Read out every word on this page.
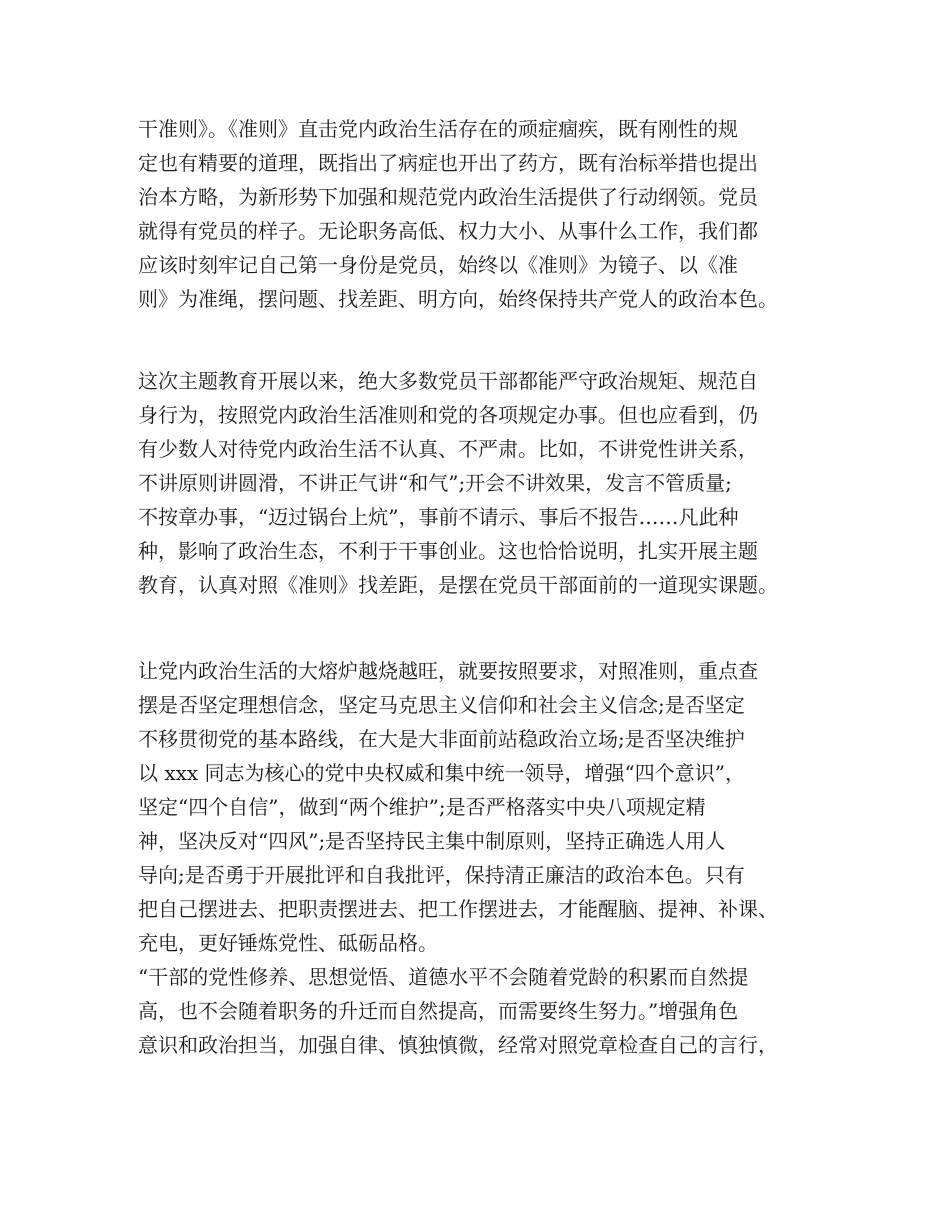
干准则》。《准则》直击党内政治生活存在的顽症痼疾，既有刚性的规
定也有精要的道理，既指出了病症也开出了药方，既有治标举措也提出
治本方略，为新形势下加强和规范党内政治生活提供了行动纲领。党员
就得有党员的样子。无论职务高低、权力大小、从事什么工作，我们都
应该时刻牢记自己第一身份是党员，始终以《准则》为镜子、以《准
则》为准绳，摆问题、找差距、明方向，始终保持共产党人的政治本色。
这次主题教育开展以来，绝大多数党员干部都能严守政治规矩、规范自
身行为，按照党内政治生活准则和党的各项规定办事。但也应看到，仍
有少数人对待党内政治生活不认真、不严肃。比如，不讲党性讲关系，
不讲原则讲圆滑，不讲正气讲“和气”;开会不讲效果，发言不管质量;
不按章办事，“迈过锅台上炕”，事前不请示、事后不报告……凡此种
种，影响了政治生态，不利于干事创业。这也恰恰说明，扎实开展主题
教育，认真对照《准则》找差距，是摆在党员干部面前的一道现实课题。
让党内政治生活的大熔炉越烧越旺，就要按照要求，对照准则，重点查
摆是否坚定理想信念，坚定马克思主义信仰和社会主义信念;是否坚定
不移贯彻党的基本路线，在大是大非面前站稳政治立场;是否坚决维护
以 xxx 同志为核心的党中央权威和集中统一领导，增强“四个意识”，
坚定“四个自信”，做到“两个维护”;是否严格落实中央八项规定精
神，坚决反对“四风”;是否坚持民主集中制原则，坚持正确选人用人
导向;是否勇于开展批评和自我批评，保持清正廉洁的政治本色。只有
把自己摆进去、把职责摆进去、把工作摆进去，才能醒脑、提神、补课、
充电，更好锤炼党性、砥砺品格。
“干部的党性修养、思想觉悟、道德水平不会随着党龄的积累而自然提
高，也不会随着职务的升迁而自然提高，而需要终生努力。”增强角色
意识和政治担当，加强自律、慎独慎微，经常对照党章检查自己的言行，
